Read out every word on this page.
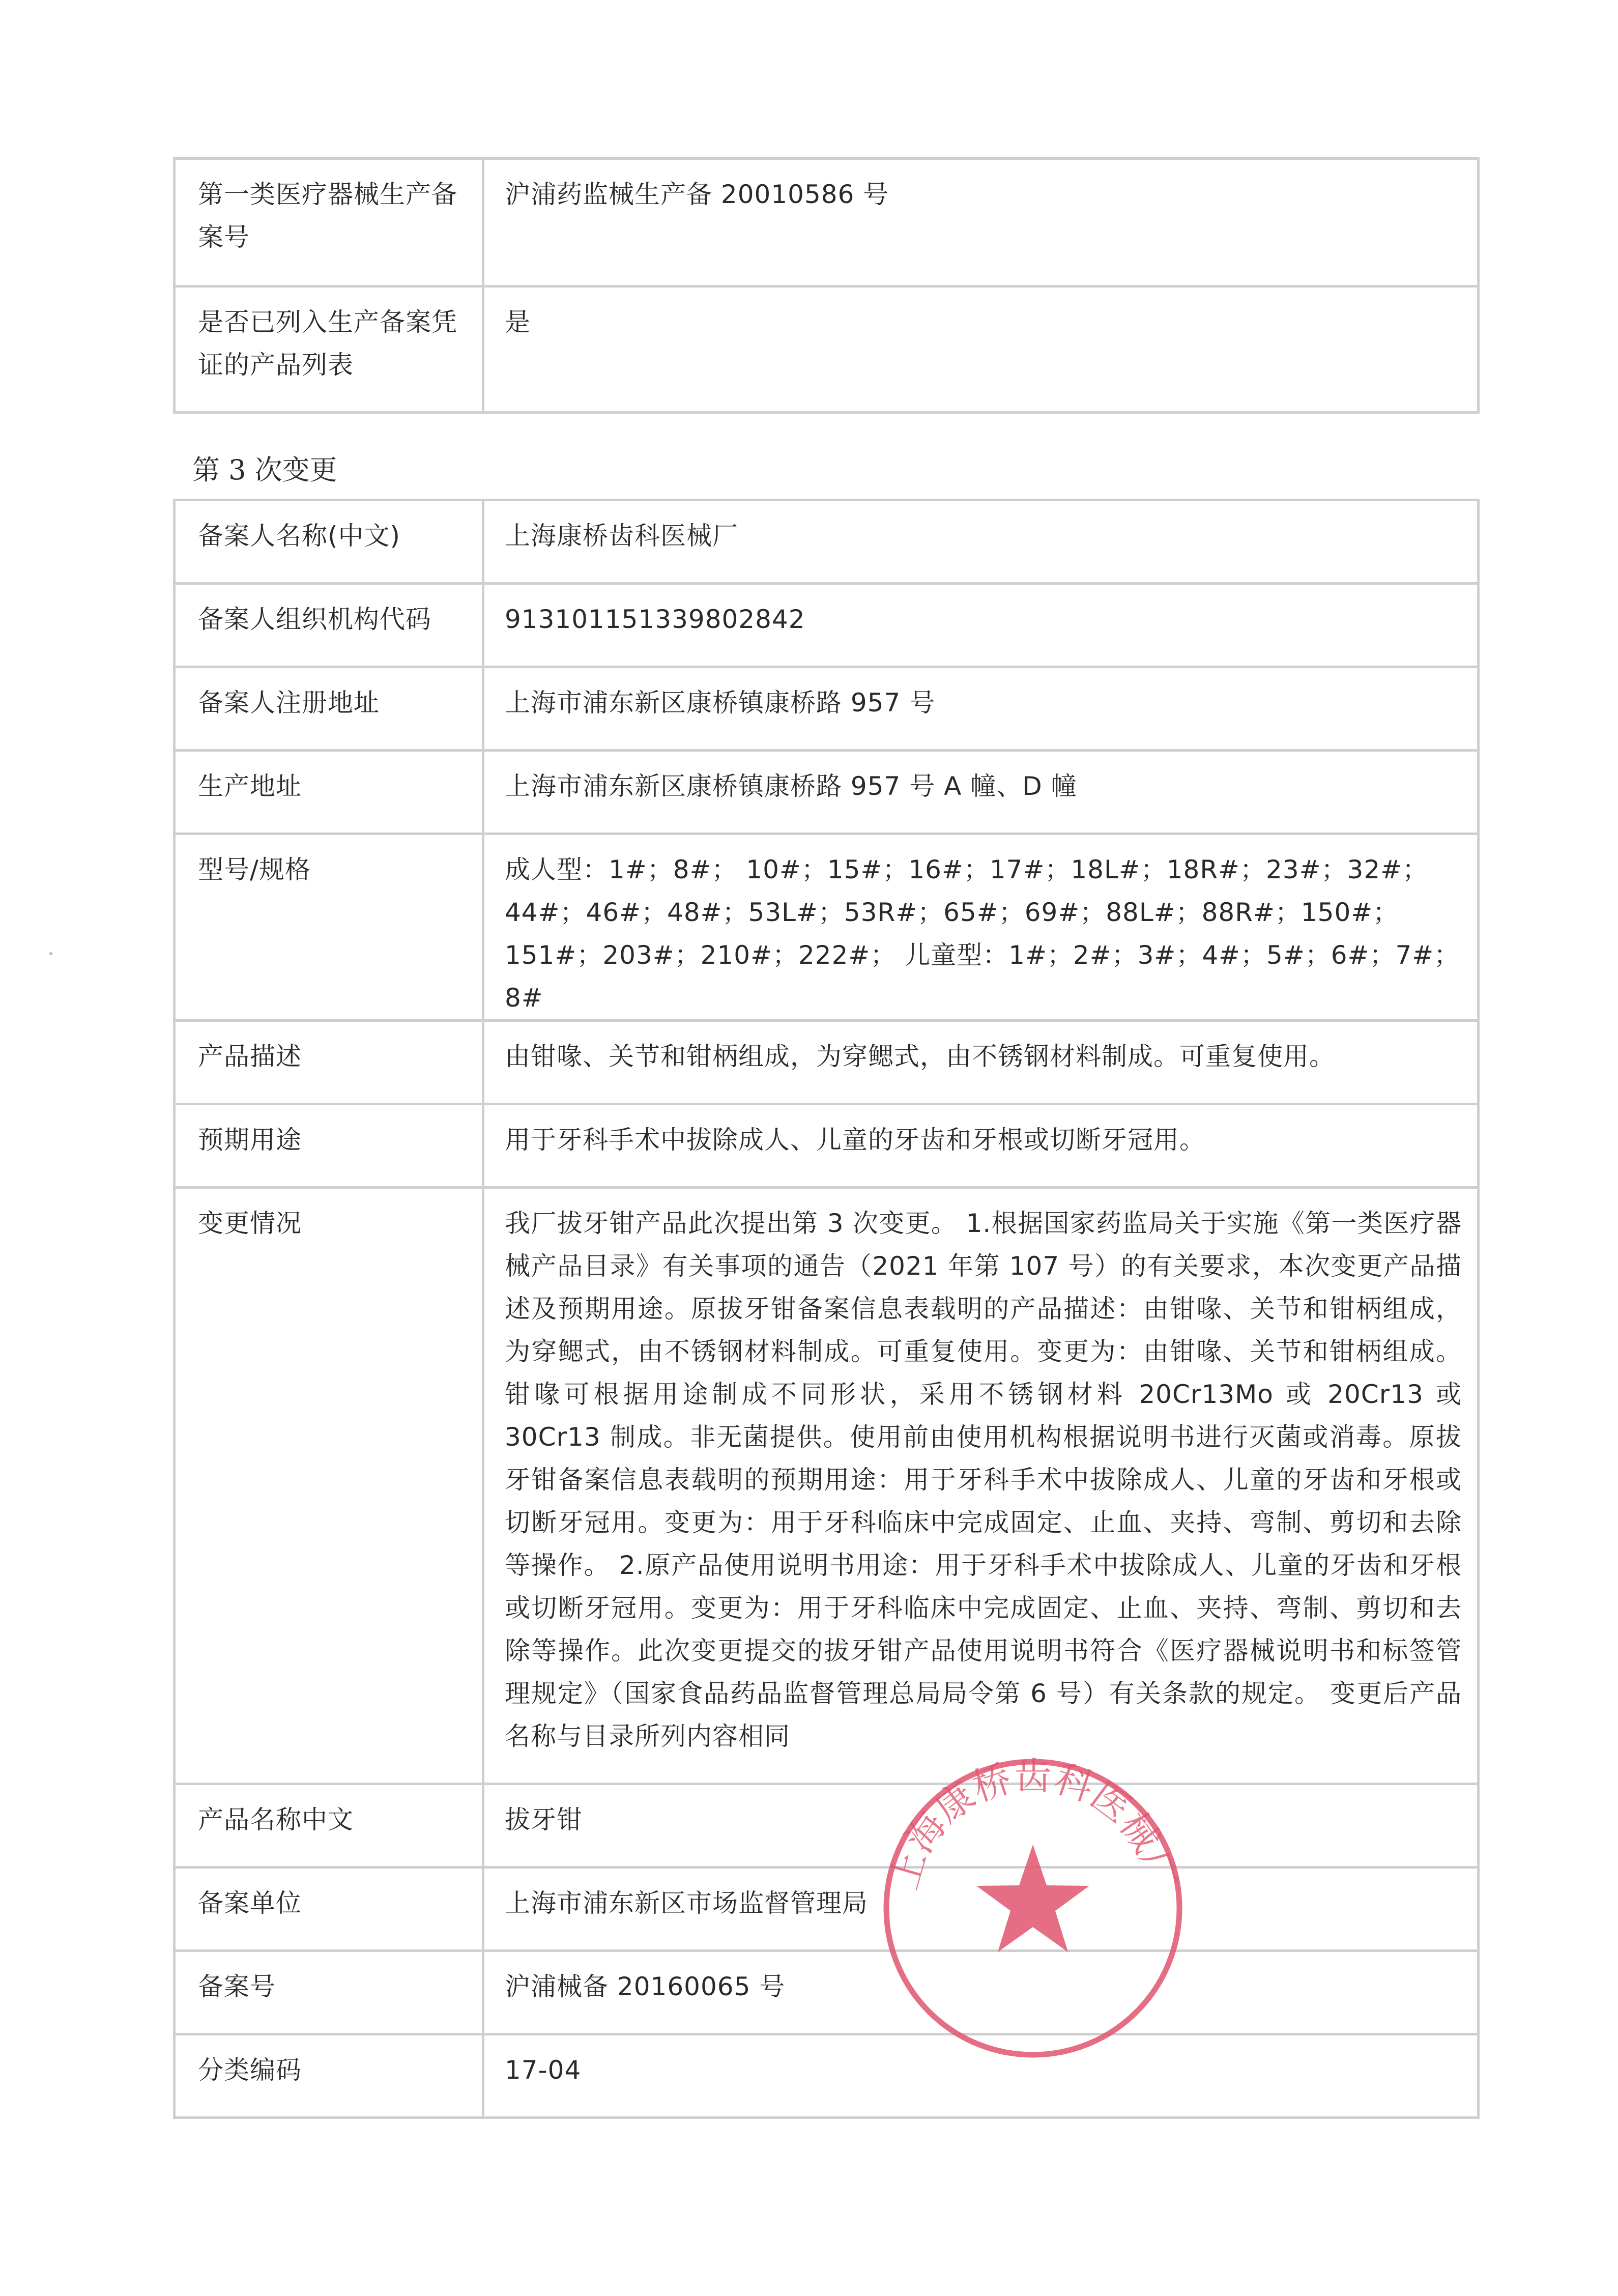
第一类医疗器械生产备案号	沪浦药监械生产备 20010586 号
是否已列入生产备案凭证的产品列表	是
第 3 次变更
备案人名称(中文)	上海康桥齿科医械厂
备案人组织机构代码	913101151339802842
备案人注册地址	上海市浦东新区康桥镇康桥路 957 号
生产地址	上海市浦东新区康桥镇康桥路 957 号 A 幢、D 幢
型号/规格	成人型：1#；8#； 10#；15#；16#；17#；18L#；18R#；23#；32#；44#；46#；48#；53L#；53R#；65#；69#；88L#；88R#；150#；151#；203#；210#；222#； 儿童型：1#；2#；3#；4#；5#；6#；7#；8#
产品描述	由钳喙、关节和钳柄组成，为穿鳃式，由不锈钢材料制成。可重复使用。
预期用途	用于牙科手术中拔除成人、儿童的牙齿和牙根或切断牙冠用。
变更情况	我厂拔牙钳产品此次提出第 3 次变更。 1.根据国家药监局关于实施《第一类医疗器械产品目录》有关事项的通告（2021 年第 107 号）的有关要求，本次变更产品描述及预期用途。原拔牙钳备案信息表载明的产品描述：由钳喙、关节和钳柄组成，为穿鳃式，由不锈钢材料制成。可重复使用。变更为：由钳喙、关节和钳柄组成。钳喙可根据用途制成不同形状，采用不锈钢材料 20Cr13Mo 或 20Cr13 或 30Cr13 制成。非无菌提供。使用前由使用机构根据说明书进行灭菌或消毒。原拔牙钳备案信息表载明的预期用途：用于牙科手术中拔除成人、儿童的牙齿和牙根或切断牙冠用。变更为：用于牙科临床中完成固定、止血、夹持、弯制、剪切和去除等操作。 2.原产品使用说明书用途：用于牙科手术中拔除成人、儿童的牙齿和牙根或切断牙冠用。变更为：用于牙科临床中完成固定、止血、夹持、弯制、剪切和去除等操作。此次变更提交的拔牙钳产品使用说明书符合《医疗器械说明书和标签管理规定》（国家食品药品监督管理总局局令第 6 号）有关条款的规定。 变更后产品名称与目录所列内容相同
产品名称中文	拔牙钳
备案单位	上海市浦东新区市场监督管理局
备案号	沪浦械备 20160065 号
分类编码	17-04
上海康桥齿科医械厂
